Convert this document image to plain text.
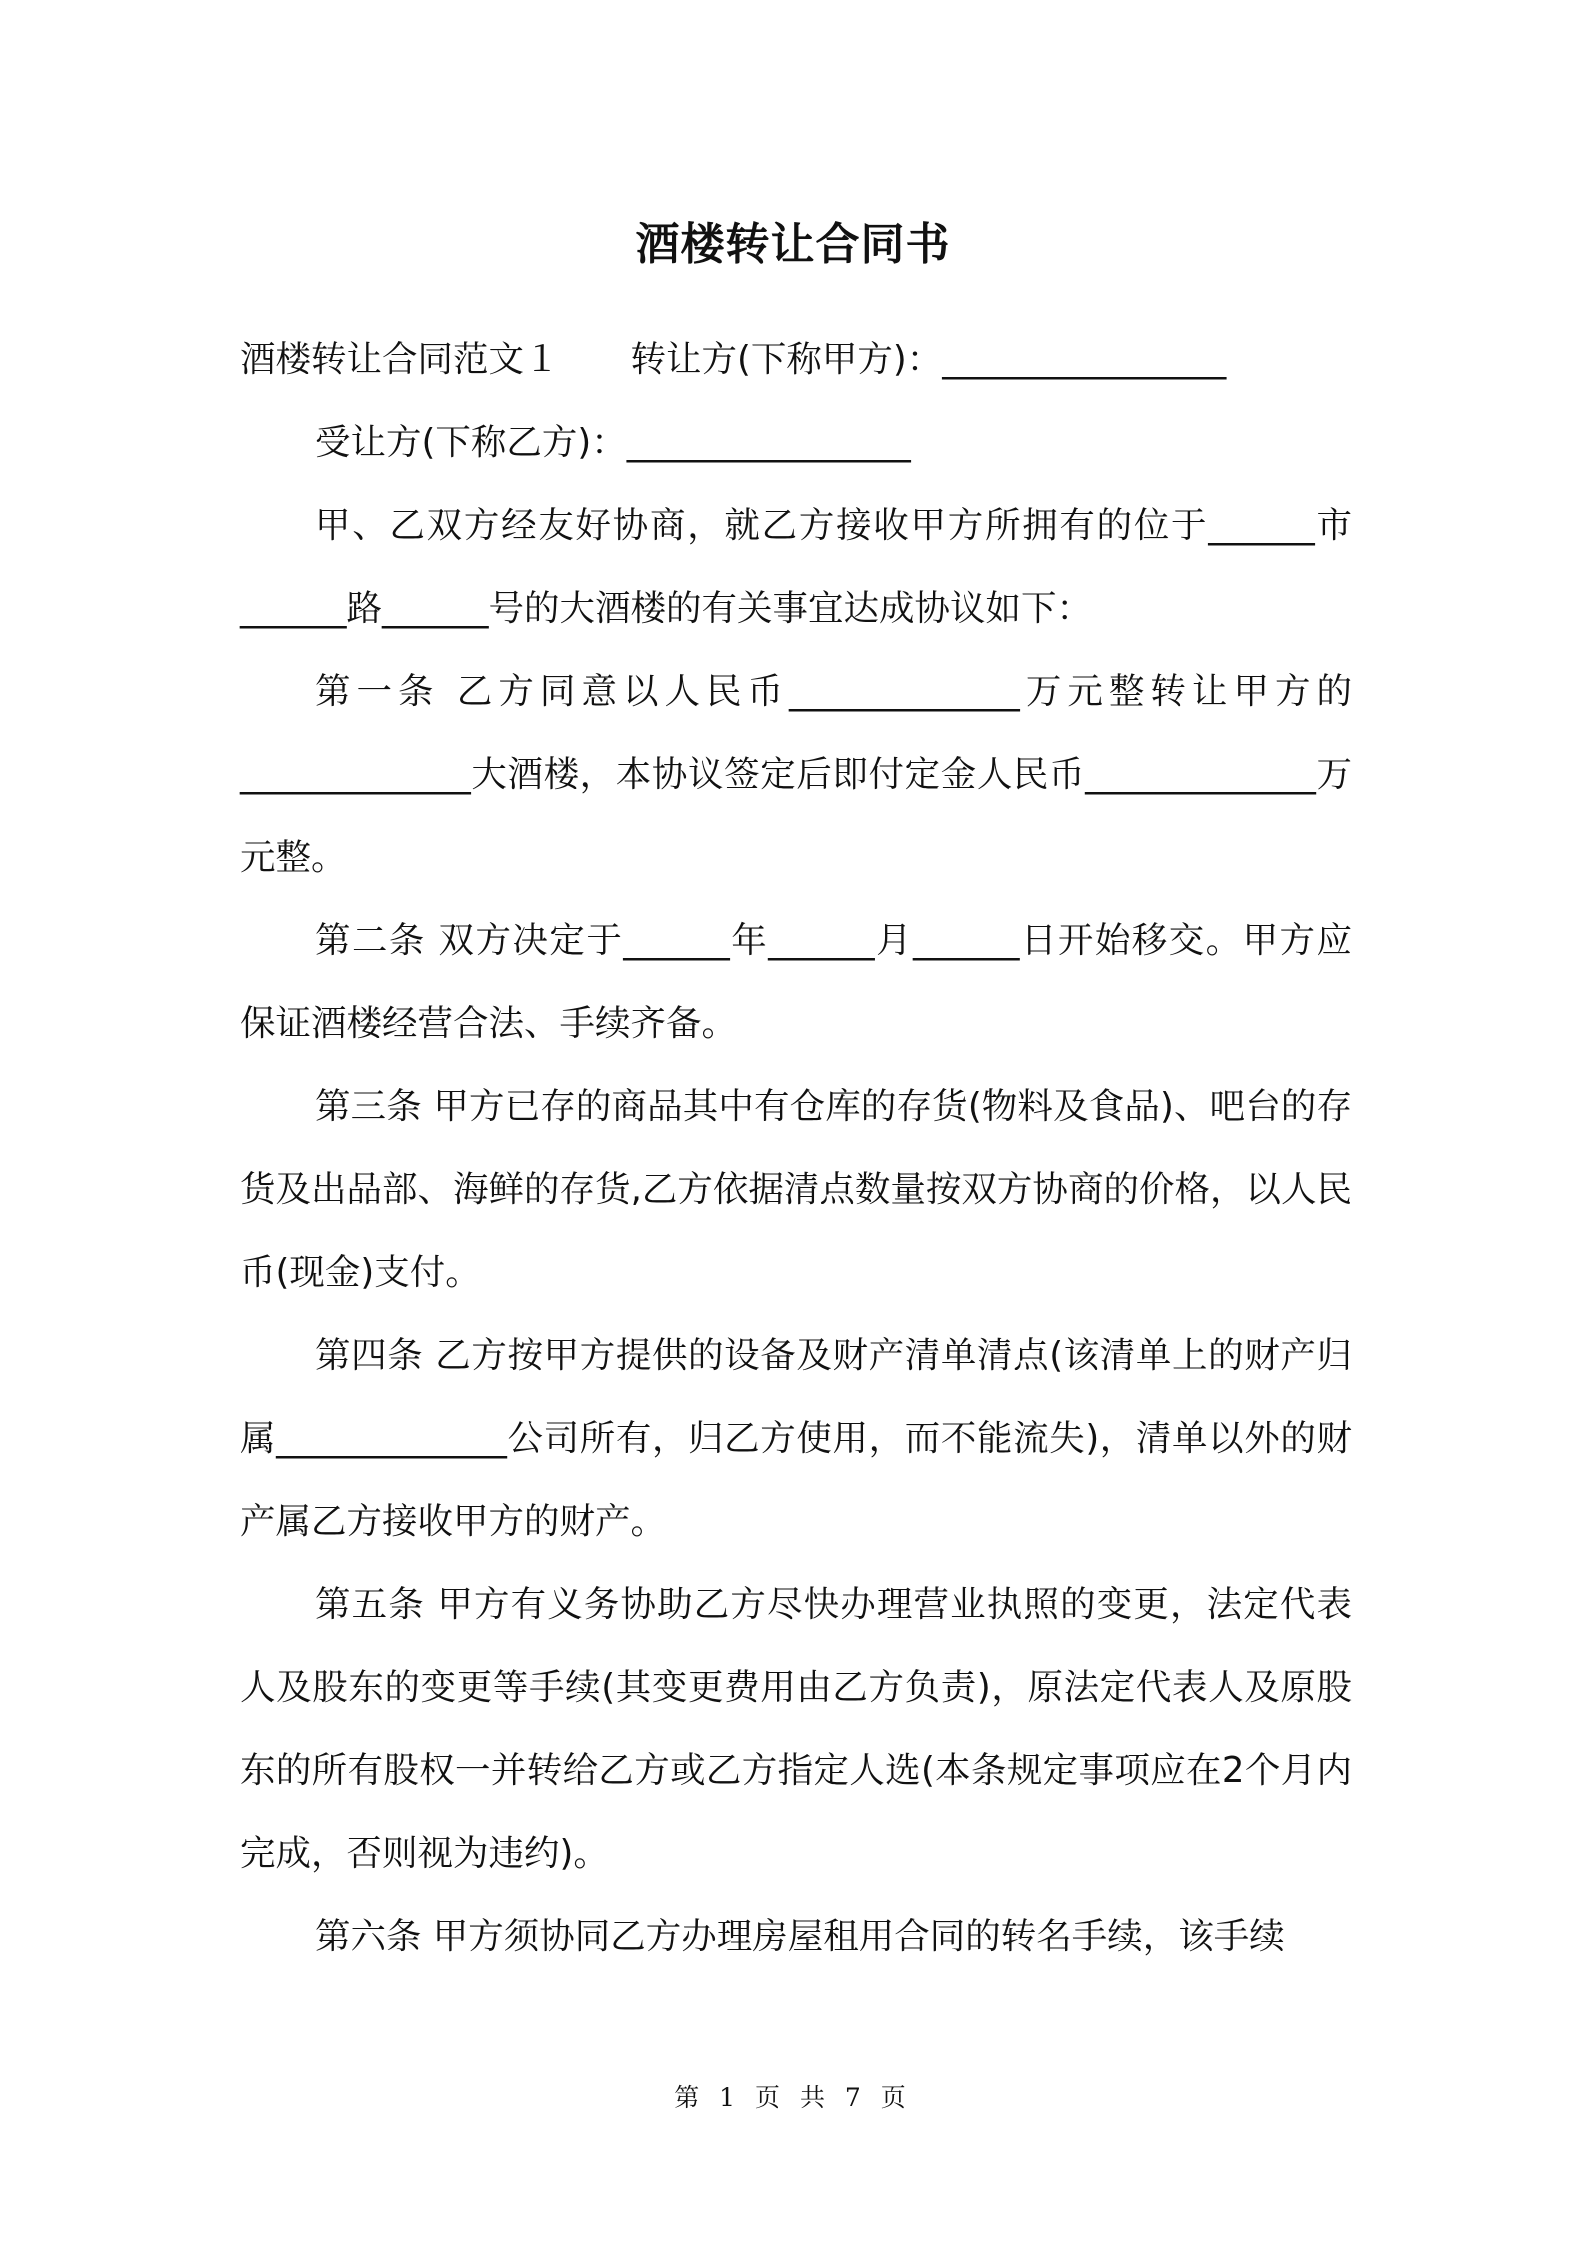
酒楼转让合同书

酒楼转让合同范文１　　转让方(下称甲方)：________________

受让方(下称乙方)：________________

甲、乙双方经友好协商，就乙方接收甲方所拥有的位于______市______路______号的大酒楼的有关事宜达成协议如下：

第一条 乙方同意以人民币_____________万元整转让甲方的_____________大酒楼，本协议签定后即付定金人民币_____________万元整。

第二条 双方决定于______年______月______日开始移交。甲方应保证酒楼经营合法、手续齐备。

第三条 甲方已存的商品其中有仓库的存货(物料及食品)、吧台的存货及出品部、海鲜的存货,乙方依据清点数量按双方协商的价格，以人民币(现金)支付。

第四条 乙方按甲方提供的设备及财产清单清点(该清单上的财产归属_____________公司所有，归乙方使用，而不能流失)，清单以外的财产属乙方接收甲方的财产。

第五条 甲方有义务协助乙方尽快办理营业执照的变更，法定代表人及股东的变更等手续(其变更费用由乙方负责)，原法定代表人及原股东的所有股权一并转给乙方或乙方指定人选(本条规定事项应在2个月内完成，否则视为违约)。

第六条 甲方须协同乙方办理房屋租用合同的转名手续，该手续

第 1 页 共 7 页
